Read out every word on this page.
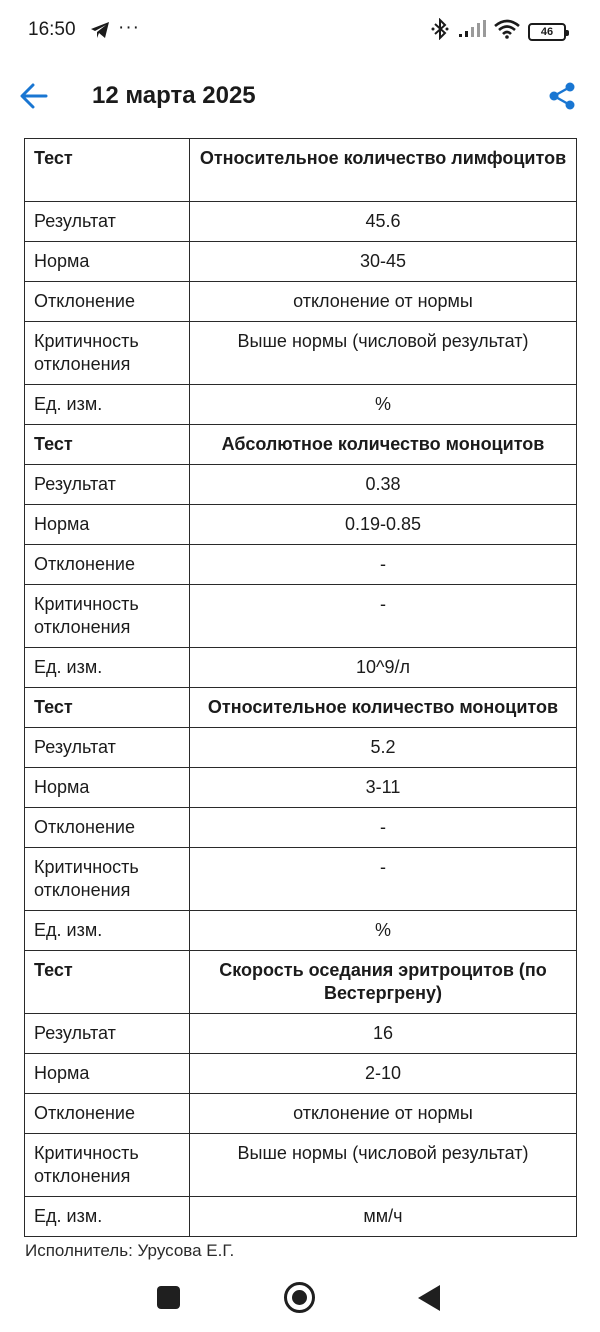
16:50 ···	46
12 марта 2025
Тест	Относительное количество лимфоцитов
Результат	45.6
Норма	30-45
Отклонение	отклонение от нормы
Критичность отклонения	Выше нормы (числовой результат)
Ед. изм.	%
Тест	Абсолютное количество моноцитов
Результат	0.38
Норма	0.19-0.85
Отклонение	-
Критичность отклонения	-
Ед. изм.	10^9/л
Тест	Относительное количество моноцитов
Результат	5.2
Норма	3-11
Отклонение	-
Критичность отклонения	-
Ед. изм.	%
Тест	Скорость оседания эритроцитов (по Вестергрену)
Результат	16
Норма	2-10
Отклонение	отклонение от нормы
Критичность отклонения	Выше нормы (числовой результат)
Ед. изм.	мм/ч
Исполнитель: Урусова Е.Г.
